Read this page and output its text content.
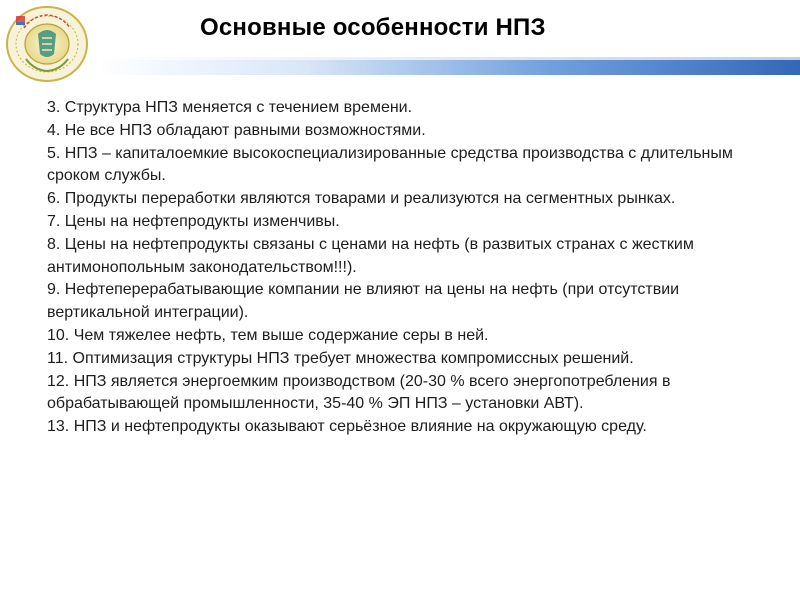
Основные особенности НПЗ

3. Структура НПЗ меняется с течением времени.

4. Не все НПЗ обладают равными возможностями.

5. НПЗ – капиталоемкие высокоспециализированные средства производства с длительным сроком службы.

6. Продукты переработки являются товарами и реализуются на сегментных рынках.

7. Цены на нефтепродукты изменчивы.

8. Цены на нефтепродукты связаны с ценами на нефть (в развитых странах с жестким антимонопольным законодательством!!!).

9. Нефтеперерабатывающие компании не влияют на цены на нефть (при отсутствии вертикальной интеграции).

10. Чем тяжелее нефть, тем выше содержание серы в ней.

11. Оптимизация структуры НПЗ требует множества компромиссных решений.

12. НПЗ является энергоемким производством (20-30 % всего энергопотребления в обрабатывающей промышленности, 35-40 % ЭП НПЗ – установки АВТ).

13. НПЗ и нефтепродукты оказывают серьёзное влияние на окружающую среду.
